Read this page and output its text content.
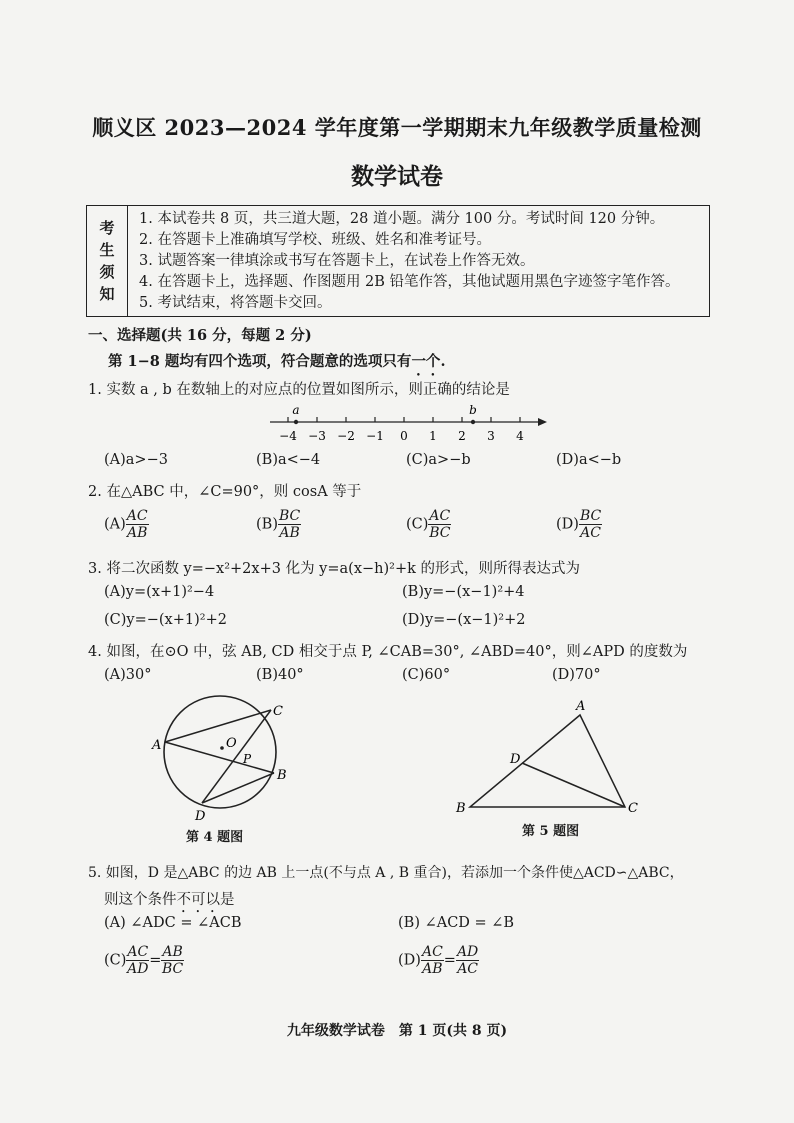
顺义区 2023—2024 学年度第一学期期末九年级教学质量检测
数学试卷
考
生
须
知
1. 本试卷共 8 页，共三道大题，28 道小题。满分 100 分。考试时间 120 分钟。
2. 在答题卡上准确填写学校、班级、姓名和准考证号。
3. 试题答案一律填涂或书写在答题卡上，在试卷上作答无效。
4. 在答题卡上，选择题、作图题用 2B 铅笔作答，其他试题用黑色字迹签字笔作答。
5. 考试结束，将答题卡交回。
一、选择题(共 16 分，每题 2 分)
第 1−8 题均有四个选项，符合题意的选项只有一个.
1. 实数 a , b 在数轴上的对应点的位置如图所示，则正确的结论是
−4 −3 −2 −1 0 1 2 3 4
a	b
(A)a>−3	(B)a<−4	(C)a>−b	(D)a<−b
2. 在△ABC 中，∠C=90°，则 cosA 等于
$(A) \frac{AC}{AB}$	$(B) \frac{BC}{AB}$	$(C) \frac{AC}{BC}$	$(D) \frac{BC}{AC}$
3. 将二次函数 y=−x²+2x+3 化为 y=a(x−h)²+k 的形式，则所得表达式为
(A)y=(x+1)²−4	(B)y=−(x−1)²+4
(C)y=−(x+1)²+2	(D)y=−(x−1)²+2
4. 如图，在⊙O 中，弦 AB, CD 相交于点 P, ∠CAB=30°, ∠ABD=40°，则∠APD 的度数为
(A)30°	(B)40°	(C)60°	(D)70°
A
C
B
D
O
P
第 4 题图
A
B	C
D
第 5 题图
5. 如图，D 是△ABC 的边 AB 上一点(不与点 A , B 重合)，若添加一个条件使△ACD∽△ABC，
则这个条件不可以是
(A) ∠ADC = ∠ACB	(B) ∠ACD = ∠B
$(C) \frac{AC}{AD} = \frac{AB}{BC}$	$(D) \frac{AC}{AB} = \frac{AD}{AC}$
九年级数学试卷　第 1 页(共 8 页)
